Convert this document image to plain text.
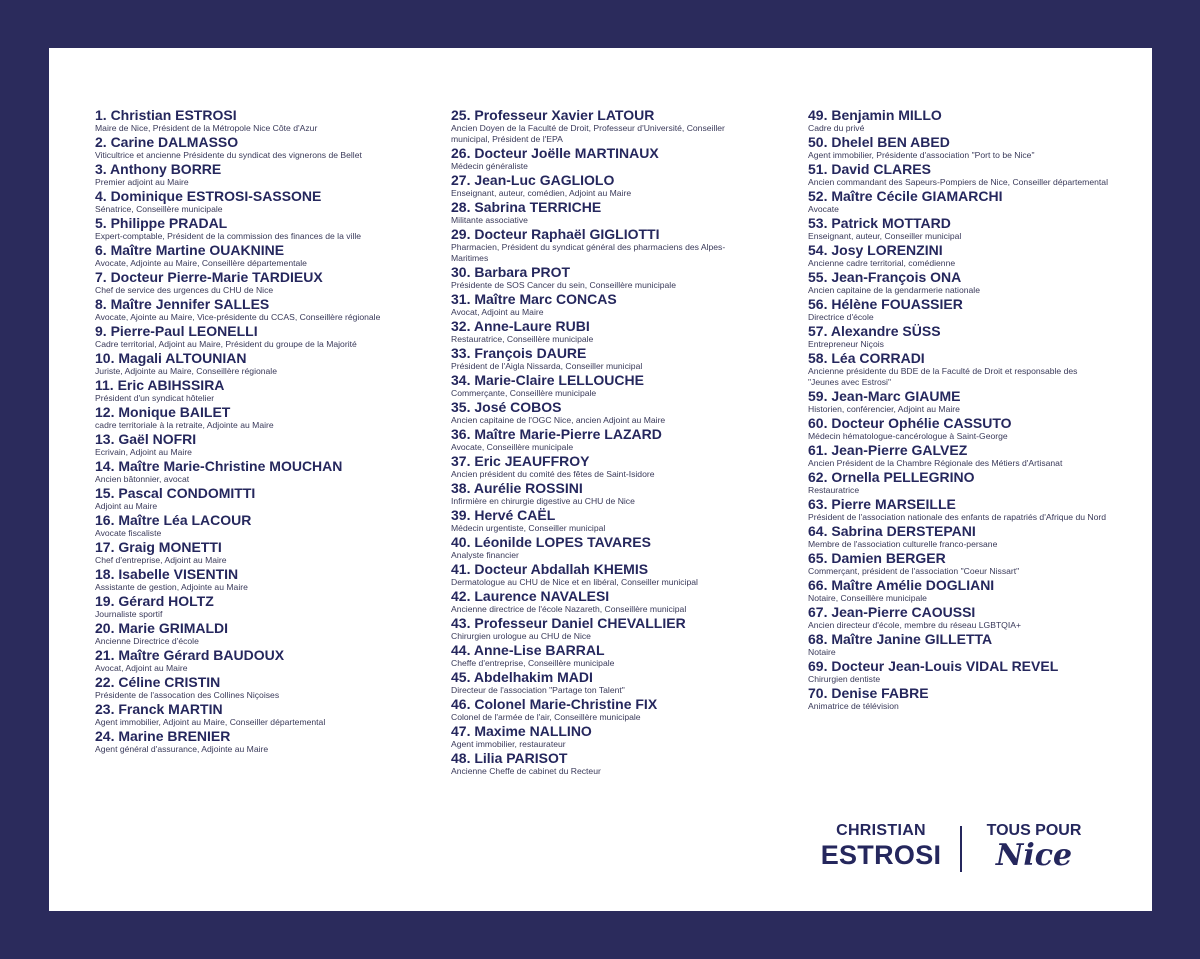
1. Christian ESTROSI
Maire de Nice, Président de la Métropole Nice Côte d'Azur
2. Carine DALMASSO
Viticultrice et ancienne Présidente du syndicat des vignerons de Bellet
3. Anthony BORRE
Premier adjoint au Maire
4. Dominique ESTROSI-SASSONE
Sénatrice, Conseillère municipale
5. Philippe PRADAL
Expert-comptable, Président de la commission des finances de la ville
6. Maître Martine OUAKNINE
Avocate, Adjointe au Maire, Conseillère départementale
7. Docteur Pierre-Marie TARDIEUX
Chef de service des urgences du CHU de Nice
8. Maître Jennifer SALLES
Avocate, Ajointe au Maire, Vice-présidente du CCAS, Conseillère régionale
9. Pierre-Paul LEONELLI
Cadre territorial, Adjoint au Maire, Président du groupe de la Majorité
10. Magali ALTOUNIAN
Juriste, Adjointe au Maire, Conseillère régionale
11. Eric ABIHSSIRA
Président d'un syndicat hôtelier
12. Monique BAILET
cadre territoriale à la retraite, Adjointe au Maire
13. Gaël NOFRI
Ecrivain, Adjoint au Maire
14. Maître Marie-Christine MOUCHAN
Ancien bâtonnier, avocat
15. Pascal CONDOMITTI
Adjoint au Maire
16. Maître Léa LACOUR
Avocate fiscaliste
17. Graig MONETTI
Chef d'entreprise, Adjoint au Maire
18. Isabelle VISENTIN
Assistante de gestion, Adjointe au Maire
19. Gérard HOLTZ
Journaliste sportif
20. Marie GRIMALDI
Ancienne Directrice d'école
21. Maître Gérard BAUDOUX
Avocat, Adjoint au Maire
22. Céline CRISTIN
Présidente de l'assocation des Collines Niçoises
23. Franck MARTIN
Agent immobilier, Adjoint au Maire, Conseiller départemental
24. Marine BRENIER
Agent général d'assurance, Adjointe au Maire
25. Professeur Xavier LATOUR
Ancien Doyen de la Faculté de Droit, Professeur d'Université, Conseiller municipal, Président de l'EPA
26. Docteur Joëlle MARTINAUX
Médecin généraliste
27. Jean-Luc GAGLIOLO
Enseignant, auteur, comédien, Adjoint au Maire
28. Sabrina TERRICHE
Militante associative
29. Docteur Raphaël GIGLIOTTI
Pharmacien, Président du syndicat général des pharmaciens des Alpes-Maritimes
30. Barbara PROT
Présidente de SOS Cancer du sein, Conseillère municipale
31. Maître Marc CONCAS
Avocat, Adjoint au Maire
32. Anne-Laure RUBI
Restauratrice, Conseillère municipale
33. François DAURE
Président de l'Aigla Nissarda, Conseiller municipal
34. Marie-Claire LELLOUCHE
Commerçante, Conseillère municipale
35. José COBOS
Ancien capitaine de l'OGC Nice, ancien Adjoint au Maire
36. Maître Marie-Pierre LAZARD
Avocate, Conseillère municipale
37. Eric JEAUFFROY
Ancien président du comité des fêtes de Saint-Isidore
38. Aurélie ROSSINI
Infirmière en chirurgie digestive au CHU de Nice
39. Hervé CAËL
Médecin urgentiste, Conseiller municipal
40. Léonilde LOPES TAVARES
Analyste financier
41. Docteur Abdallah KHEMIS
Dermatologue au CHU de Nice et en libéral, Conseiller municipal
42. Laurence NAVALESI
Ancienne directrice de l'école Nazareth, Conseillère municipal
43. Professeur Daniel CHEVALLIER
Chirurgien urologue au CHU de Nice
44. Anne-Lise BARRAL
Cheffe d'entreprise, Conseillère municipale
45. Abdelhakim MADI
Directeur de l'association "Partage ton Talent"
46. Colonel Marie-Christine FIX
Colonel de l'armée de l'air, Conseillère municipale
47. Maxime NALLINO
Agent immobilier, restaurateur
48. Lilia PARISOT
Ancienne Cheffe de cabinet du Recteur
49. Benjamin MILLO
Cadre du privé
50. Dhelel BEN ABED
Agent immobilier, Présidente d'association "Port to be Nice"
51. David CLARES
Ancien commandant des Sapeurs-Pompiers de Nice, Conseiller départemental
52. Maître Cécile GIAMARCHI
Avocate
53. Patrick MOTTARD
Enseignant, auteur, Conseiller municipal
54. Josy LORENZINI
Ancienne cadre territorial, comédienne
55. Jean-François ONA
Ancien capitaine de la gendarmerie nationale
56. Hélène FOUASSIER
Directrice d'école
57. Alexandre SÜSS
Entrepreneur Niçois
58. Léa CORRADI
Ancienne présidente du BDE de la Faculté de Droit et responsable des "Jeunes avec Estrosi"
59. Jean-Marc GIAUME
Historien, conférencier, Adjoint au Maire
60. Docteur Ophélie CASSUTO
Médecin hématologue-cancérologue à Saint-George
61. Jean-Pierre GALVEZ
Ancien Président de la Chambre Régionale des Métiers d'Artisanat
62. Ornella PELLEGRINO
Restauratrice
63. Pierre MARSEILLE
Président de l'association nationale des enfants de rapatriés d'Afrique du Nord
64. Sabrina DERSTEPANI
Membre de l'association culturelle franco-persane
65. Damien BERGER
Commerçant, président de l'association "Coeur Nissart"
66. Maître Amélie DOGLIANI
Notaire, Conseillère municipale
67. Jean-Pierre CAOUSSI
Ancien directeur d'école, membre du réseau LGBTQIA+
68. Maître Janine GILLETTA
Notaire
69. Docteur Jean-Louis VIDAL REVEL
Chirurgien dentiste
70. Denise FABRE
Animatrice de télévision
CHRISTIAN
ESTROSI
TOUS POUR
Nice
